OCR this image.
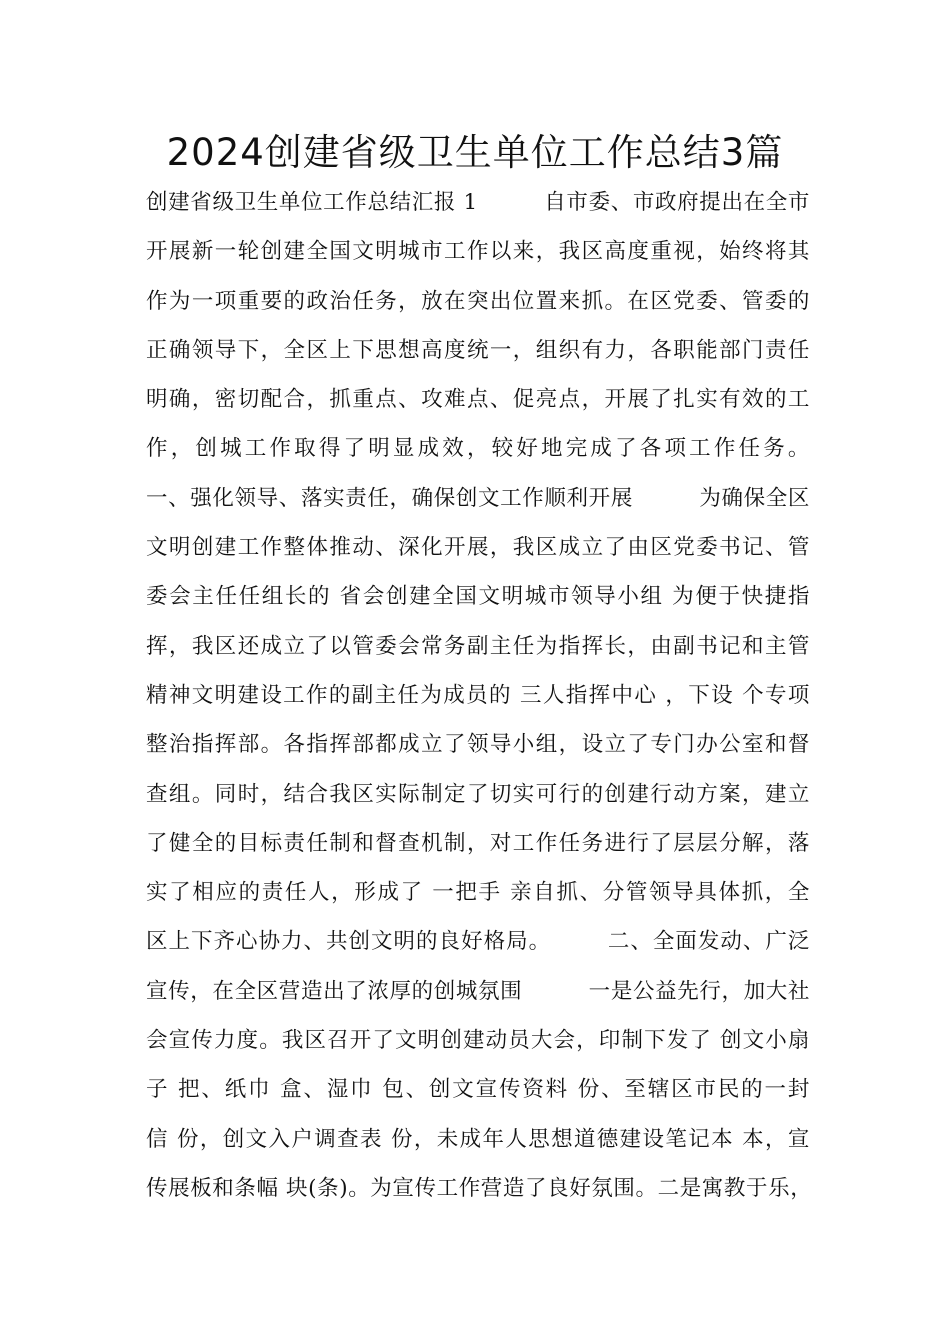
2024创建省级卫生单位工作总结3篇
创建省级卫生单位工作总结汇报 1　　　自市委、市政府提出在全市
开展新一轮创建全国文明城市工作以来，我区高度重视，始终将其
作为一项重要的政治任务，放在突出位置来抓。在区党委、管委的
正确领导下，全区上下思想高度统一，组织有力，各职能部门责任
明确，密切配合，抓重点、攻难点、促亮点，开展了扎实有效的工
作，创城工作取得了明显成效，较好地完成了各项工作任务。
一、强化领导、落实责任，确保创文工作顺利开展　　　为确保全区
文明创建工作整体推动、深化开展，我区成立了由区党委书记、管
委会主任任组长的 省会创建全国文明城市领导小组 为便于快捷指
挥，我区还成立了以管委会常务副主任为指挥长，由副书记和主管
精神文明建设工作的副主任为成员的 三人指挥中心 ，下设 个专项
整治指挥部。各指挥部都成立了领导小组，设立了专门办公室和督
查组。同时，结合我区实际制定了切实可行的创建行动方案，建立
了健全的目标责任制和督查机制，对工作任务进行了层层分解，落
实了相应的责任人，形成了 一把手 亲自抓、分管领导具体抓，全
区上下齐心协力、共创文明的良好格局。　　　二、全面发动、广泛
宣传，在全区营造出了浓厚的创城氛围　　　一是公益先行，加大社
会宣传力度。我区召开了文明创建动员大会，印制下发了 创文小扇
子 把、纸巾 盒、湿巾 包、创文宣传资料 份、至辖区市民的一封
信 份，创文入户调查表 份，未成年人思想道德建设笔记本 本，宣
传展板和条幅 块(条)。为宣传工作营造了良好氛围。二是寓教于乐，
